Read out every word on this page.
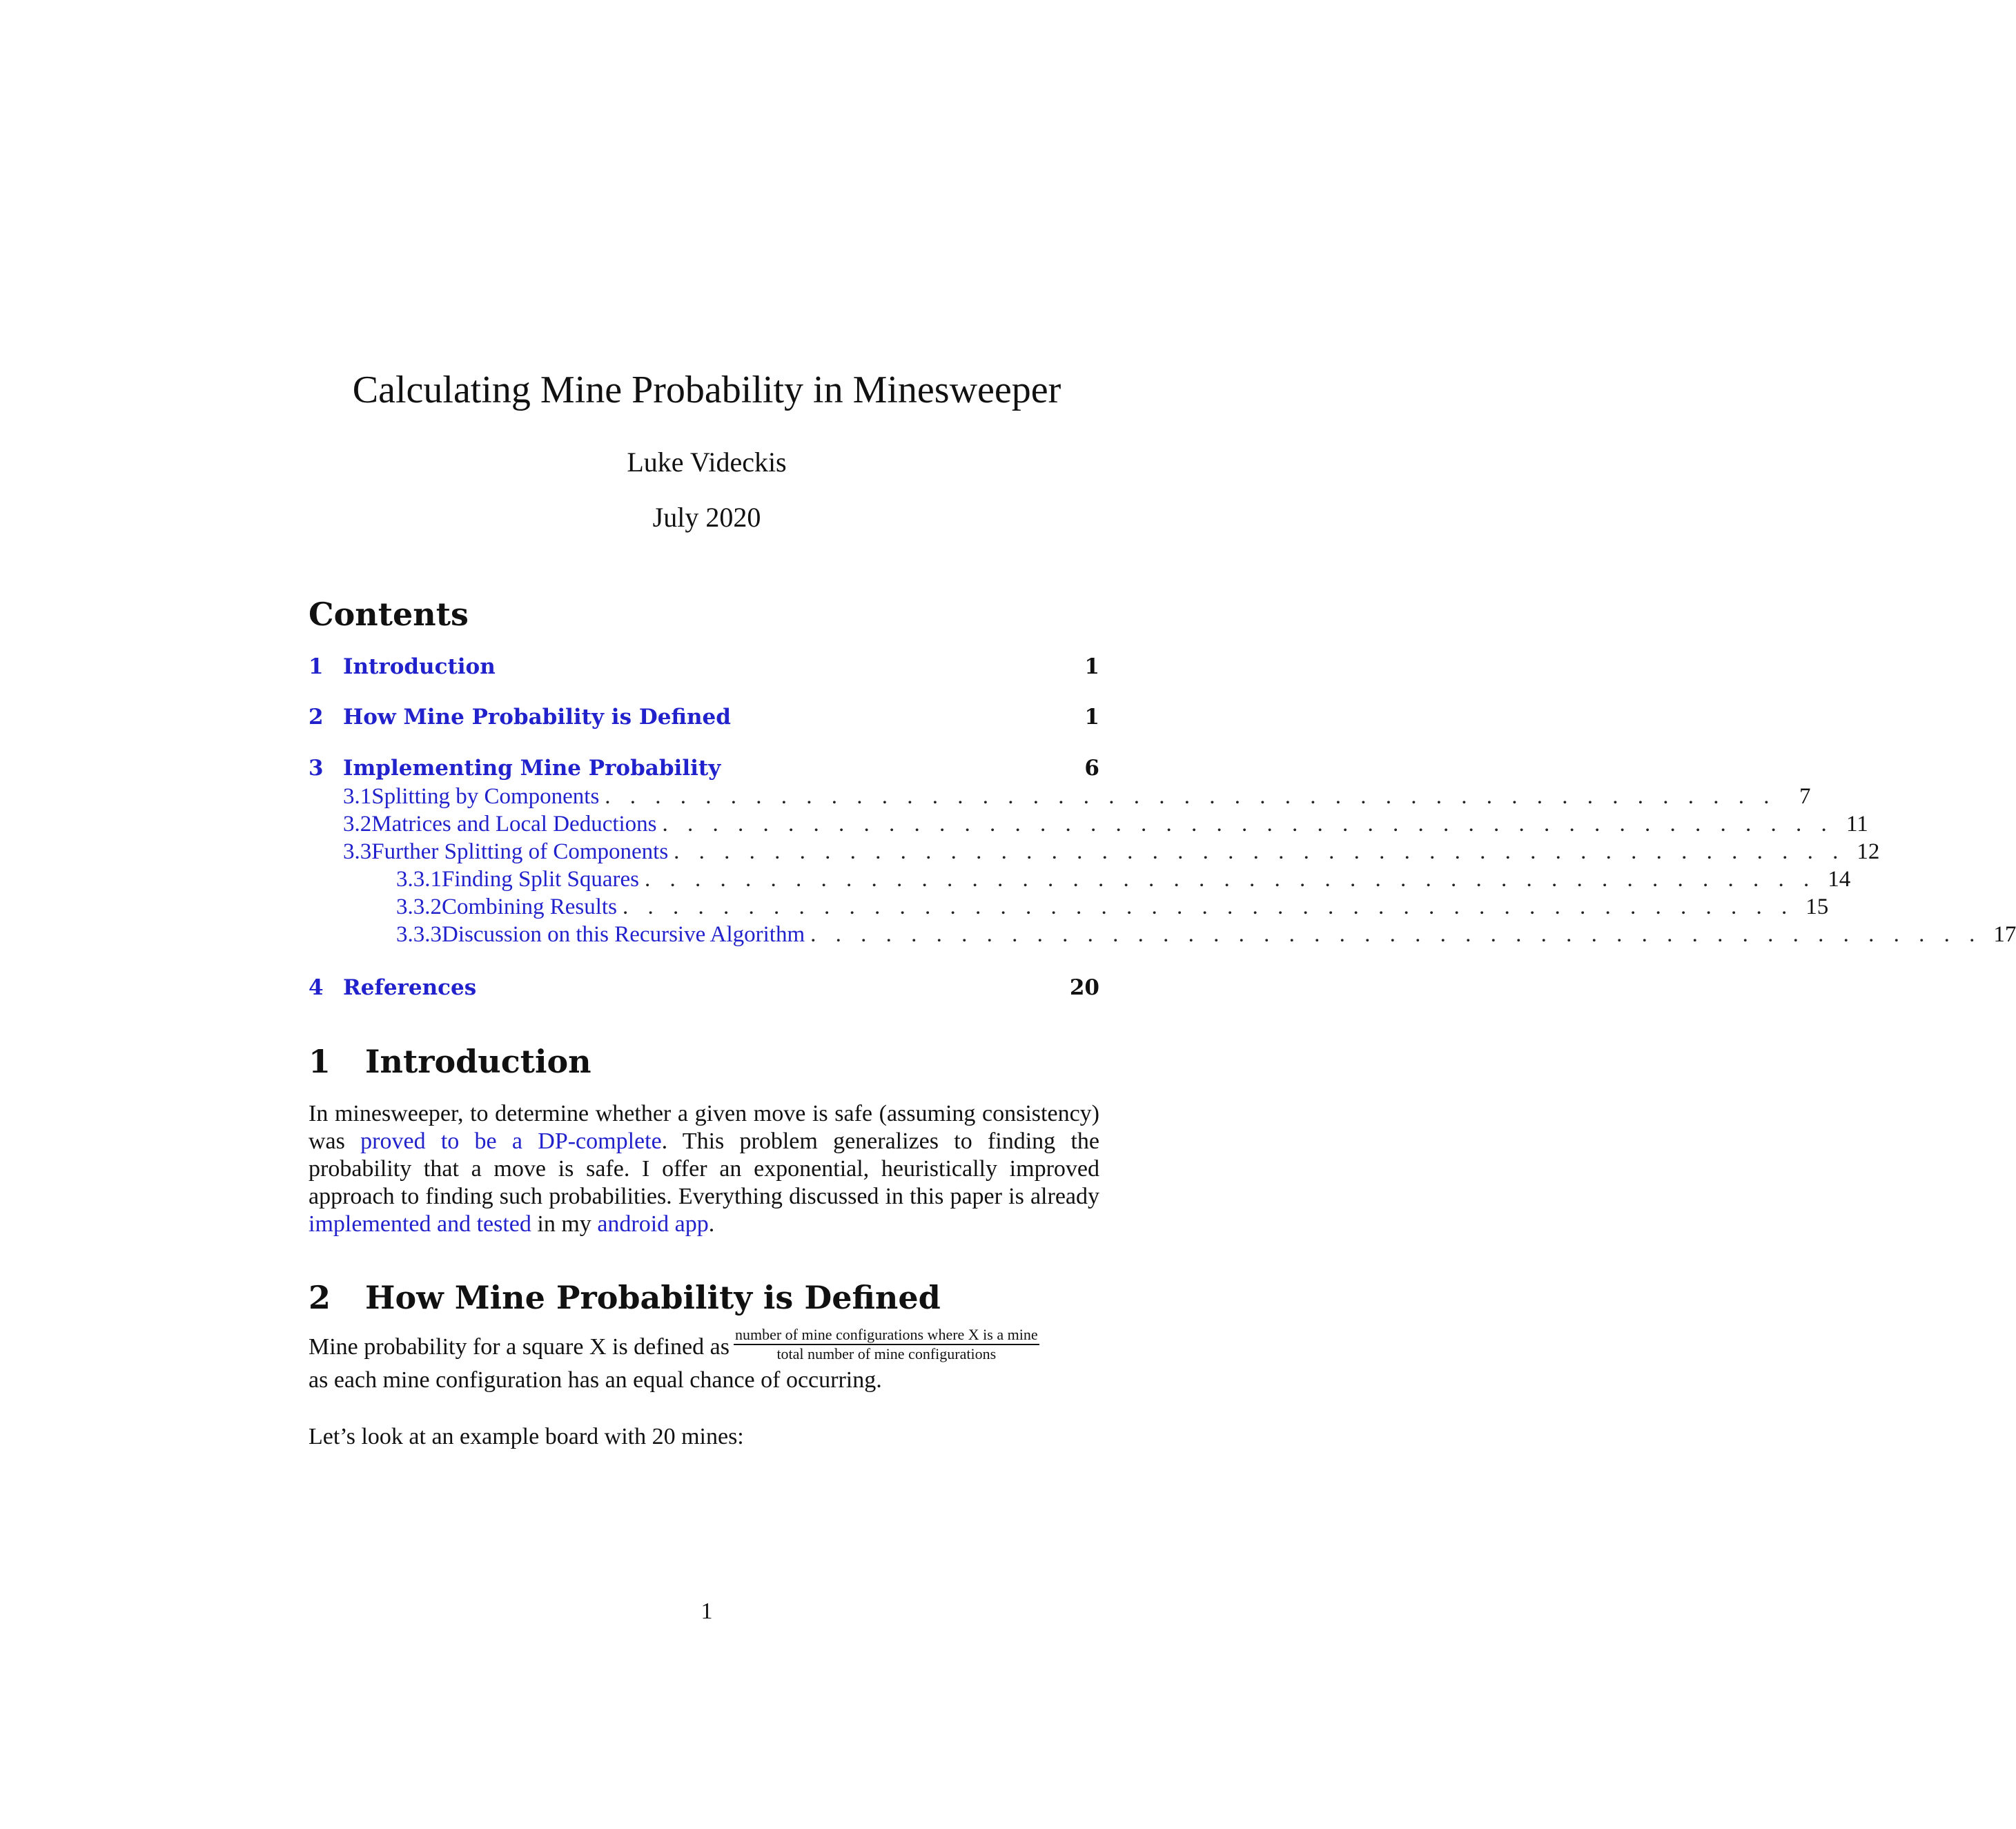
Calculating Mine Probability in Minesweeper
Luke Videckis
July 2020
Contents
1 Introduction	1
2 How Mine Probability is Defined	1
3 Implementing Mine Probability	6
3.1 Splitting by Components . . . . . . . . . . . . . . . . . . . . . . . . . . . . . . . . . . . . . . . . . . . . . . .	7
3.2 Matrices and Local Deductions . . . . . . . . . . . . . . . . . . . . . . . . . . . . . . . . . . . . . . . . . . . . . . . 11
3.3 Further Splitting of Components . . . . . . . . . . . . . . . . . . . . . . . . . . . . . . . . . . . . . . . . . . . . . . . 12
3.3.1 Finding Split Squares . . . . . . . . . . . . . . . . . . . . . . . . . . . . . . . . . . . . . . . . . . . . . . . 14
3.3.2 Combining Results . . . . . . . . . . . . . . . . . . . . . . . . . . . . . . . . . . . . . . . . . . . . . . . 15
3.3.3 Discussion on this Recursive Algorithm . . . . . . . . . . . . . . . . . . . . . . . . . . . . . . . . . . . . . . . . . . . . . . . 17
4 References	20
1 Introduction
In minesweeper, to determine whether a given move is safe (assuming consistency) was proved to be a DP-complete. This problem generalizes to finding the probability that a move is safe. I offer an exponential, heuristically improved approach to finding such probabilities. Everything discussed in this paper is already implemented and tested in my android app.
2 How Mine Probability is Defined
Mine probability for a square X is defined as $\frac{\text{number of mine configurations where X is a mine}}{\text{total number of mine configurations}}$

as each mine configuration has an equal chance of occurring.
Let’s look at an example board with 20 mines:
1
